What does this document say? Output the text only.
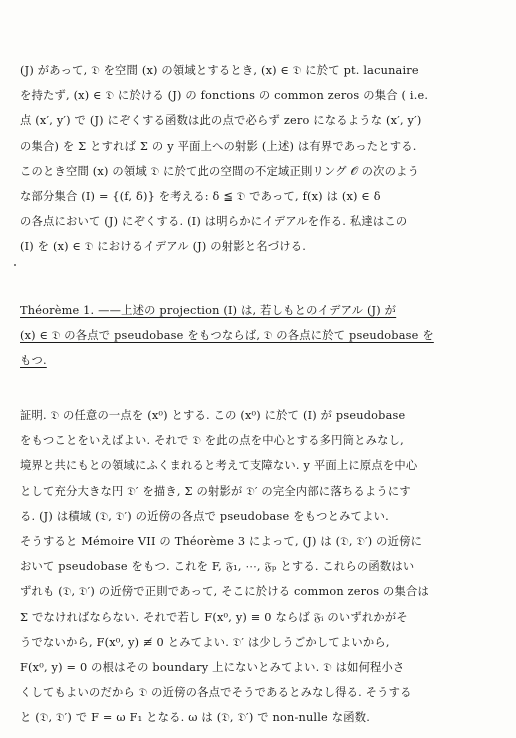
(J) があって, 𝔇 を空間 (x) の領域とするとき, (x) ∈ 𝔇 に於て pt. lacunaire
を持たず, (x) ∈ 𝔇 に於ける (J) の fonctions の common zeros の集合 ( i.e.
点 (x′, y′) で (J) にぞくする函数は此の点で必らず zero になるような (x′, y′)
の集合) を Σ とすれば Σ の y 平面上への射影 (上述) は有界であったとする.
このとき空間 (x) の領域 𝔇 に於て此の空間の不定域正則リング 𝒪 の次のよう
な部分集合 (I) = {(f, δ)} を考える: δ ≦ 𝔇 であって, f(x) は (x) ∈ δ
の各点において (J) にぞくする. (I) は明らかにイデアルを作る. 私達はこの
(I) を (x) ∈ 𝔇 におけるイデアル (J) の射影と名づける.
Théorème 1. ——上述の projection (I) は, 若しもとのイデアル (J) が
(x) ∈ 𝔇 の各点で pseudobase をもつならば, 𝔇 の各点に於て pseudobase を
もつ.
証明. 𝔇 の任意の一点を (x⁰) とする. この (x⁰) に於て (I) が pseudobase
をもつことをいえばよい. それで 𝔇 を此の点を中心とする多円筒とみなし,
境界と共にもとの領域にふくまれると考えて支障ない. y 平面上に原点を中心
として充分大きな円 𝔇′ を描き, Σ の射影が 𝔇′ の完全内部に落ちるようにす
る. (J) は積域 (𝔇, 𝔇′) の近傍の各点で pseudobase をもつとみてよい.
そうすると Mémoire VII の Théorème 3 によって, (J) は (𝔇, 𝔇′) の近傍に
おいて pseudobase をもつ. これを F, 𝔉₁, ⋯, 𝔉ₚ とする. これらの函数はい
ずれも (𝔇, 𝔇′) の近傍で正則であって, そこに於ける common zeros の集合は
Σ でなければならない. それで若し F(x⁰, y) ≡ 0 ならば 𝔉ᵢ のいずれかがそ
うでないから, F(x⁰, y) ≢ 0 とみてよい. 𝔇′ は少しうごかしてよいから,
F(x⁰, y) = 0 の根はその boundary 上にないとみてよい. 𝔇 は如何程小さ
くしてもよいのだから 𝔇 の近傍の各点でそうであるとみなし得る. そうする
と (𝔇, 𝔇′) で F = ω F₁ となる. ω は (𝔇, 𝔇′) で non-nulle な函数.
